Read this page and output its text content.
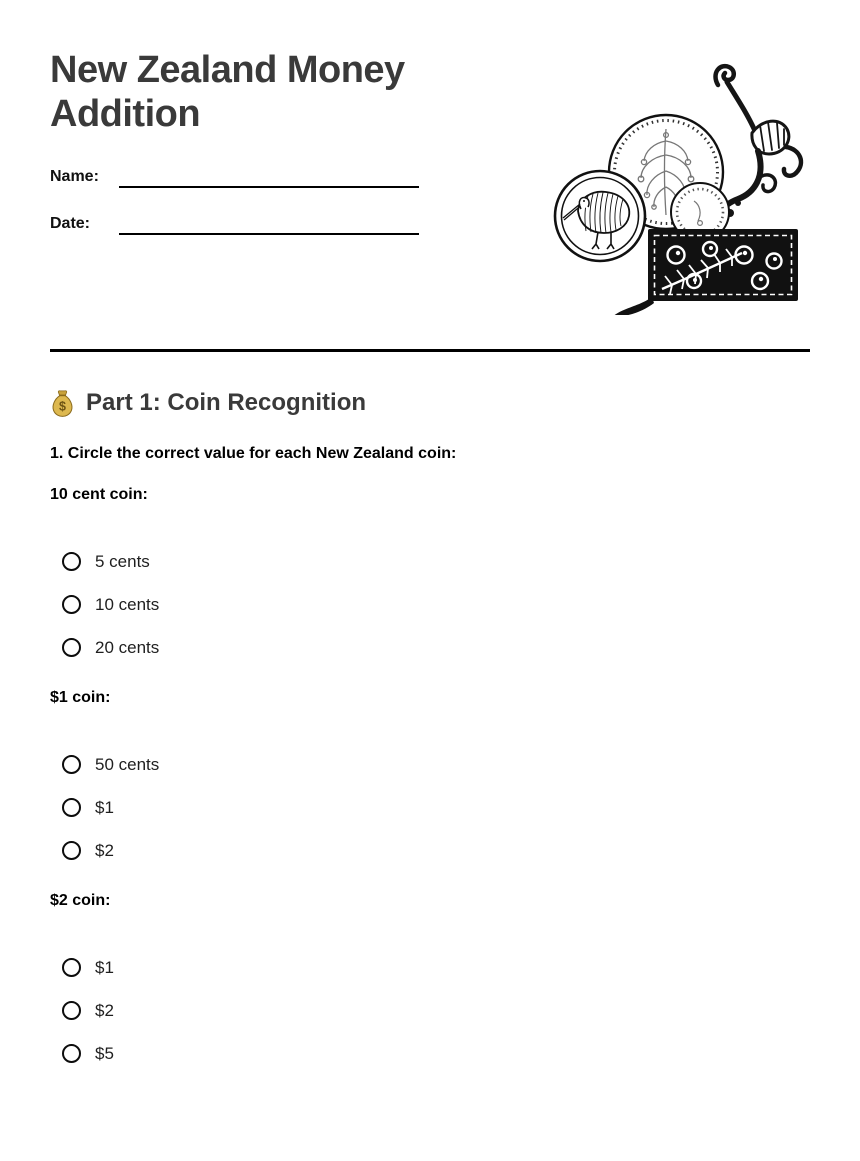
New Zealand Money Addition
Name:
Date:
$ Part 1: Coin Recognition

1. Circle the correct value for each New Zealand coin:

10 cent coin:

5 cents
10 cents
20 cents

$1 coin:

50 cents
$1
$2

$2 coin:

$1
$2
$5
